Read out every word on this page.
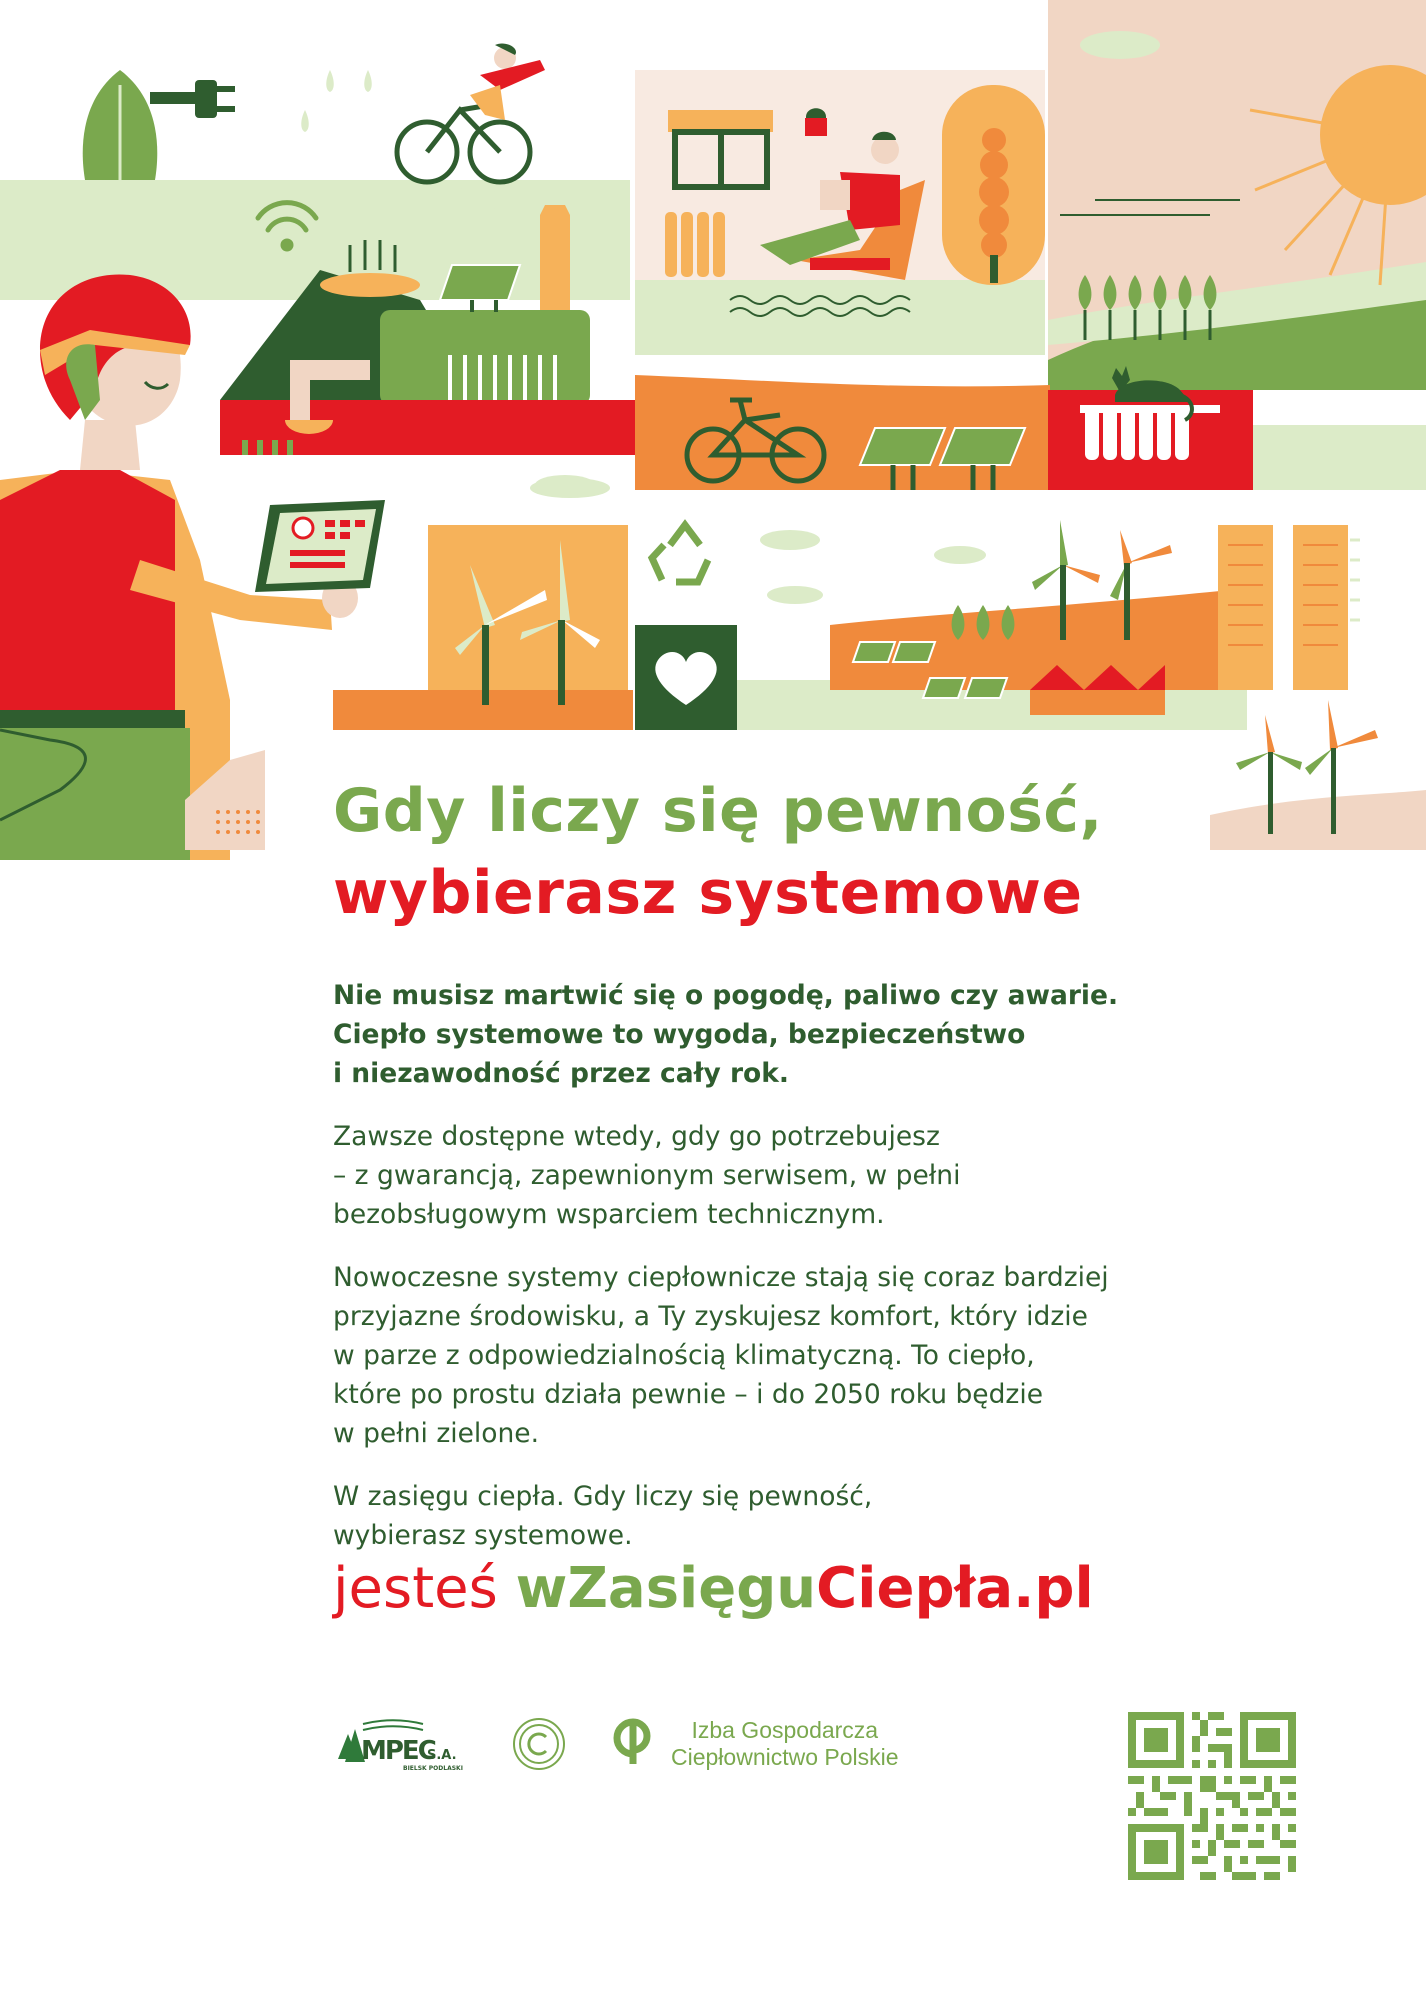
Gdy liczy się pewność,
wybierasz systemowe

Nie musisz martwić się o pogodę, paliwo czy awarie.
Ciepło systemowe to wygoda, bezpieczeństwo
i niezawodność przez cały rok.

Zawsze dostępne wtedy, gdy go potrzebujesz
– z gwarancją, zapewnionym serwisem, w pełni
bezobsługowym wsparciem technicznym.

Nowoczesne systemy ciepłownicze stają się coraz bardziej
przyjazne środowisku, a Ty zyskujesz komfort, który idzie
w parze z odpowiedzialnością klimatyczną. To ciepło,
które po prostu działa pewnie – i do 2050 roku będzie
w pełni zielone.

W zasięgu ciepła. Gdy liczy się pewność,
wybierasz systemowe.

jesteś wZasięguCiepła.pl
MPEC
S.A.
BIELSK PODLASKI
Izba Gospodarcza
Ciepłownictwo Polskie
